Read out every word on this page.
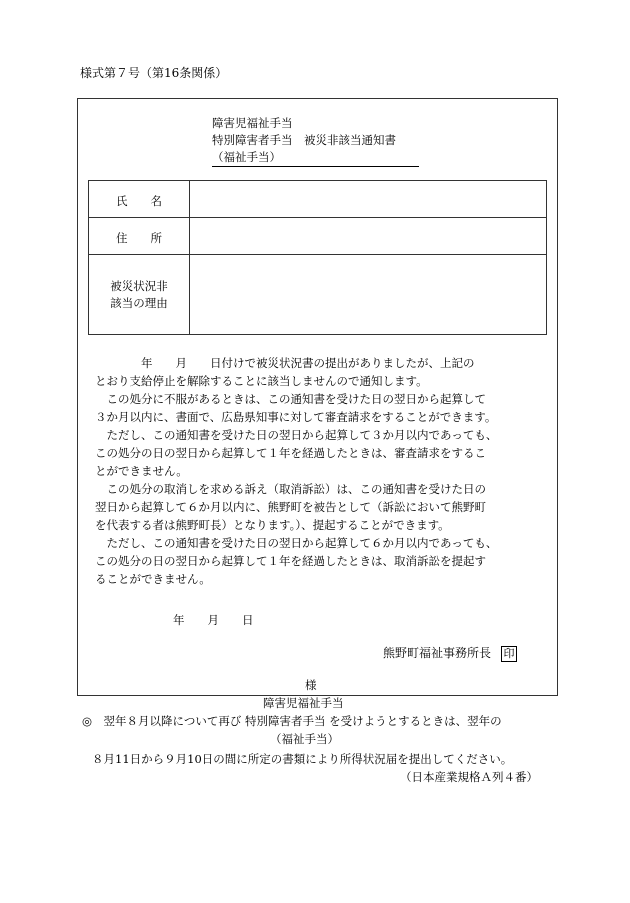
様式第７号（第16条関係）
障害児福祉手当
特別障害者手当　被災非該当通知書
（福祉手当）
氏　　名
住　　所
被災状況非
該当の理由
　　　　年　　月　　日付けで被災状況書の提出がありましたが、上記の
とおり支給停止を解除することに該当しませんので通知します。
　この処分に不服があるときは、この通知書を受けた日の翌日から起算して
３か月以内に、書面で、広島県知事に対して審査請求をすることができます。
　ただし、この通知書を受けた日の翌日から起算して３か月以内であっても、
この処分の日の翌日から起算して１年を経過したときは、審査請求をするこ
とができません。
　この処分の取消しを求める訴え（取消訴訟）は、この通知書を受けた日の
翌日から起算して６か月以内に、熊野町を被告として（訴訟において熊野町
を代表する者は熊野町長）となります。）、提起することができます。
　ただし、この通知書を受けた日の翌日から起算して６か月以内であっても、
この処分の日の翌日から起算して１年を経過したときは、取消訴訟を提起す
ることができません。
年　　月　　日
熊野町福祉事務所長 印
様
障害児福祉手当
◎　 翌年８月以降について再び 特別障害者手当 を受けようとするときは、翌年の
（福祉手当）
８月11日から９月10日の間に所定の書類により所得状況届を提出してください。
（日本産業規格Ａ列４番）
